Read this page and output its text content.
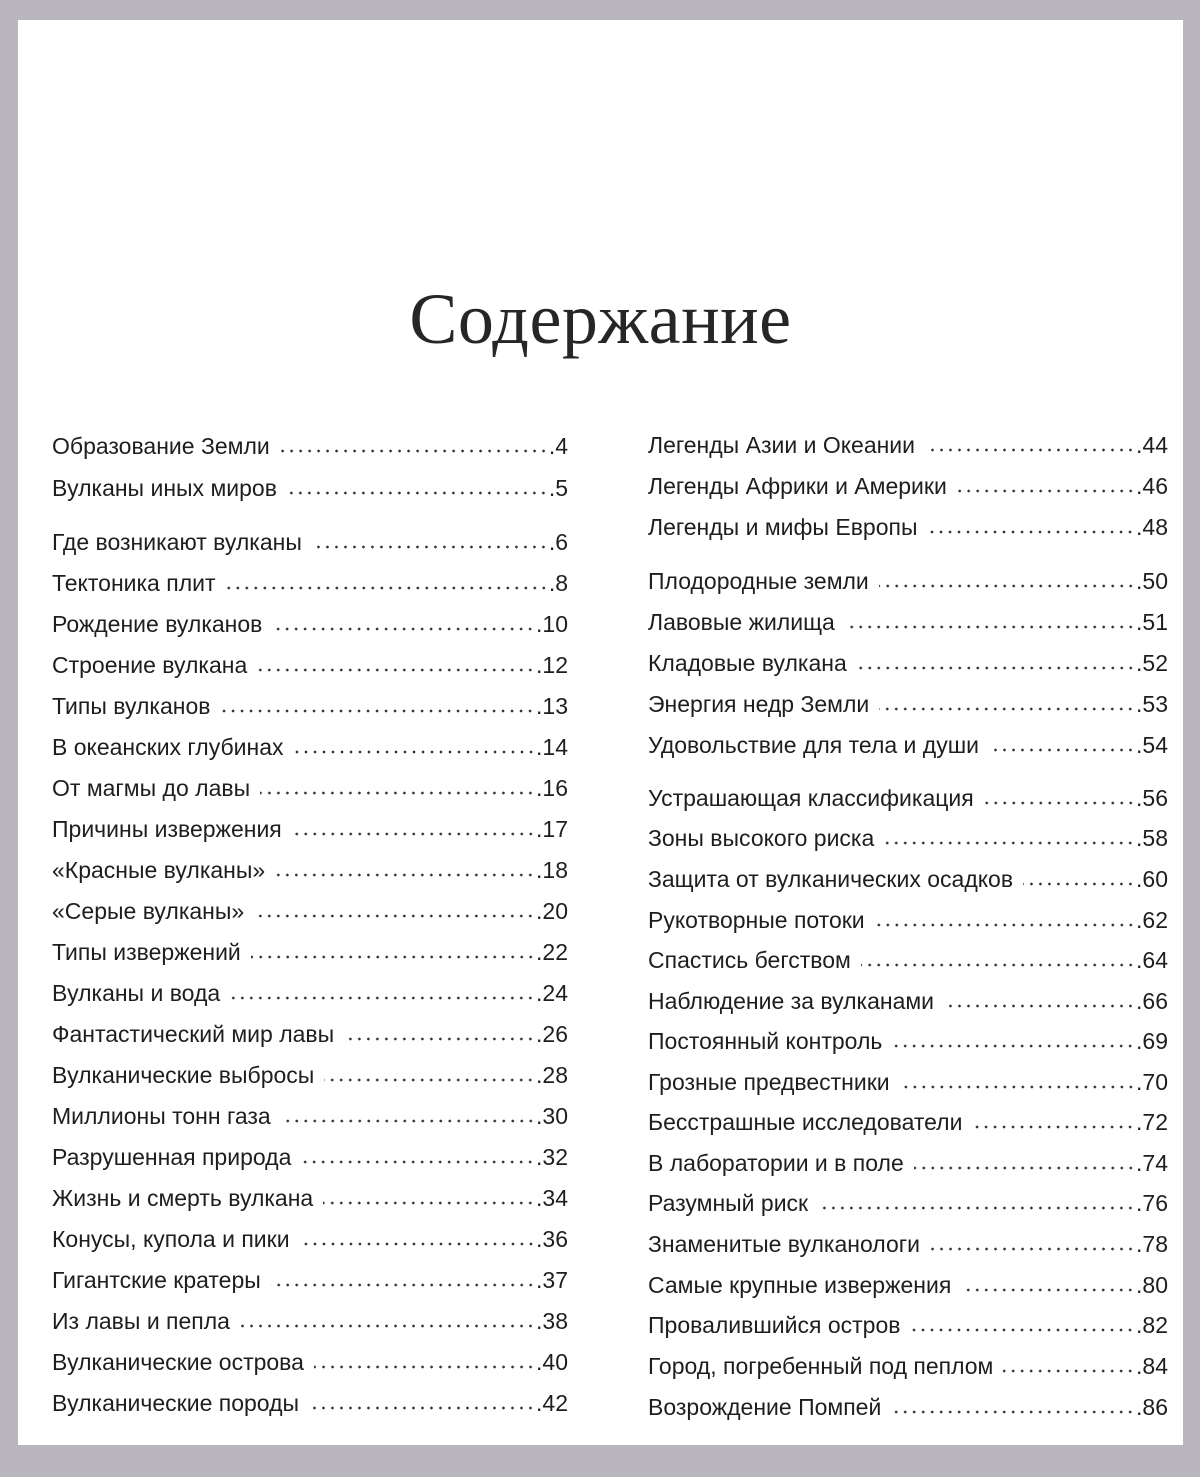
Содержание
Образование Земли	.4
Вулканы иных миров	.5
Где возникают вулканы	.6
Тектоника плит	.8
Рождение вулканов	.10
Строение вулкана	.12
Типы вулканов	.13
В океанских глубинах	.14
От магмы до лавы	.16
Причины извержения	.17
«Красные вулканы»	.18
«Серые вулканы»	.20
Типы извержений	.22
Вулканы и вода	.24
Фантастический мир лавы	.26
Вулканические выбросы	.28
Миллионы тонн газа	.30
Разрушенная природа	.32
Жизнь и смерть вулкана	.34
Конусы, купола и пики	.36
Гигантские кратеры	.37
Из лавы и пепла	.38
Вулканические острова	.40
Вулканические породы	.42
Легенды Азии и Океании	.44
Легенды Африки и Америки	.46
Легенды и мифы Европы	.48
Плодородные земли	.50
Лавовые жилища	.51
Кладовые вулкана	.52
Энергия недр Земли	.53
Удовольствие для тела и души	.54
Устрашающая классификация	.56
Зоны высокого риска	.58
Защита от вулканических осадков	.60
Рукотворные потоки	.62
Спастись бегством	.64
Наблюдение за вулканами	.66
Постоянный контроль	.69
Грозные предвестники	.70
Бесстрашные исследователи	.72
В лаборатории и в поле	.74
Разумный риск	.76
Знаменитые вулканологи	.78
Самые крупные извержения	.80
Провалившийся остров	.82
Город, погребенный под пеплом	.84
Возрождение Помпей	.86
